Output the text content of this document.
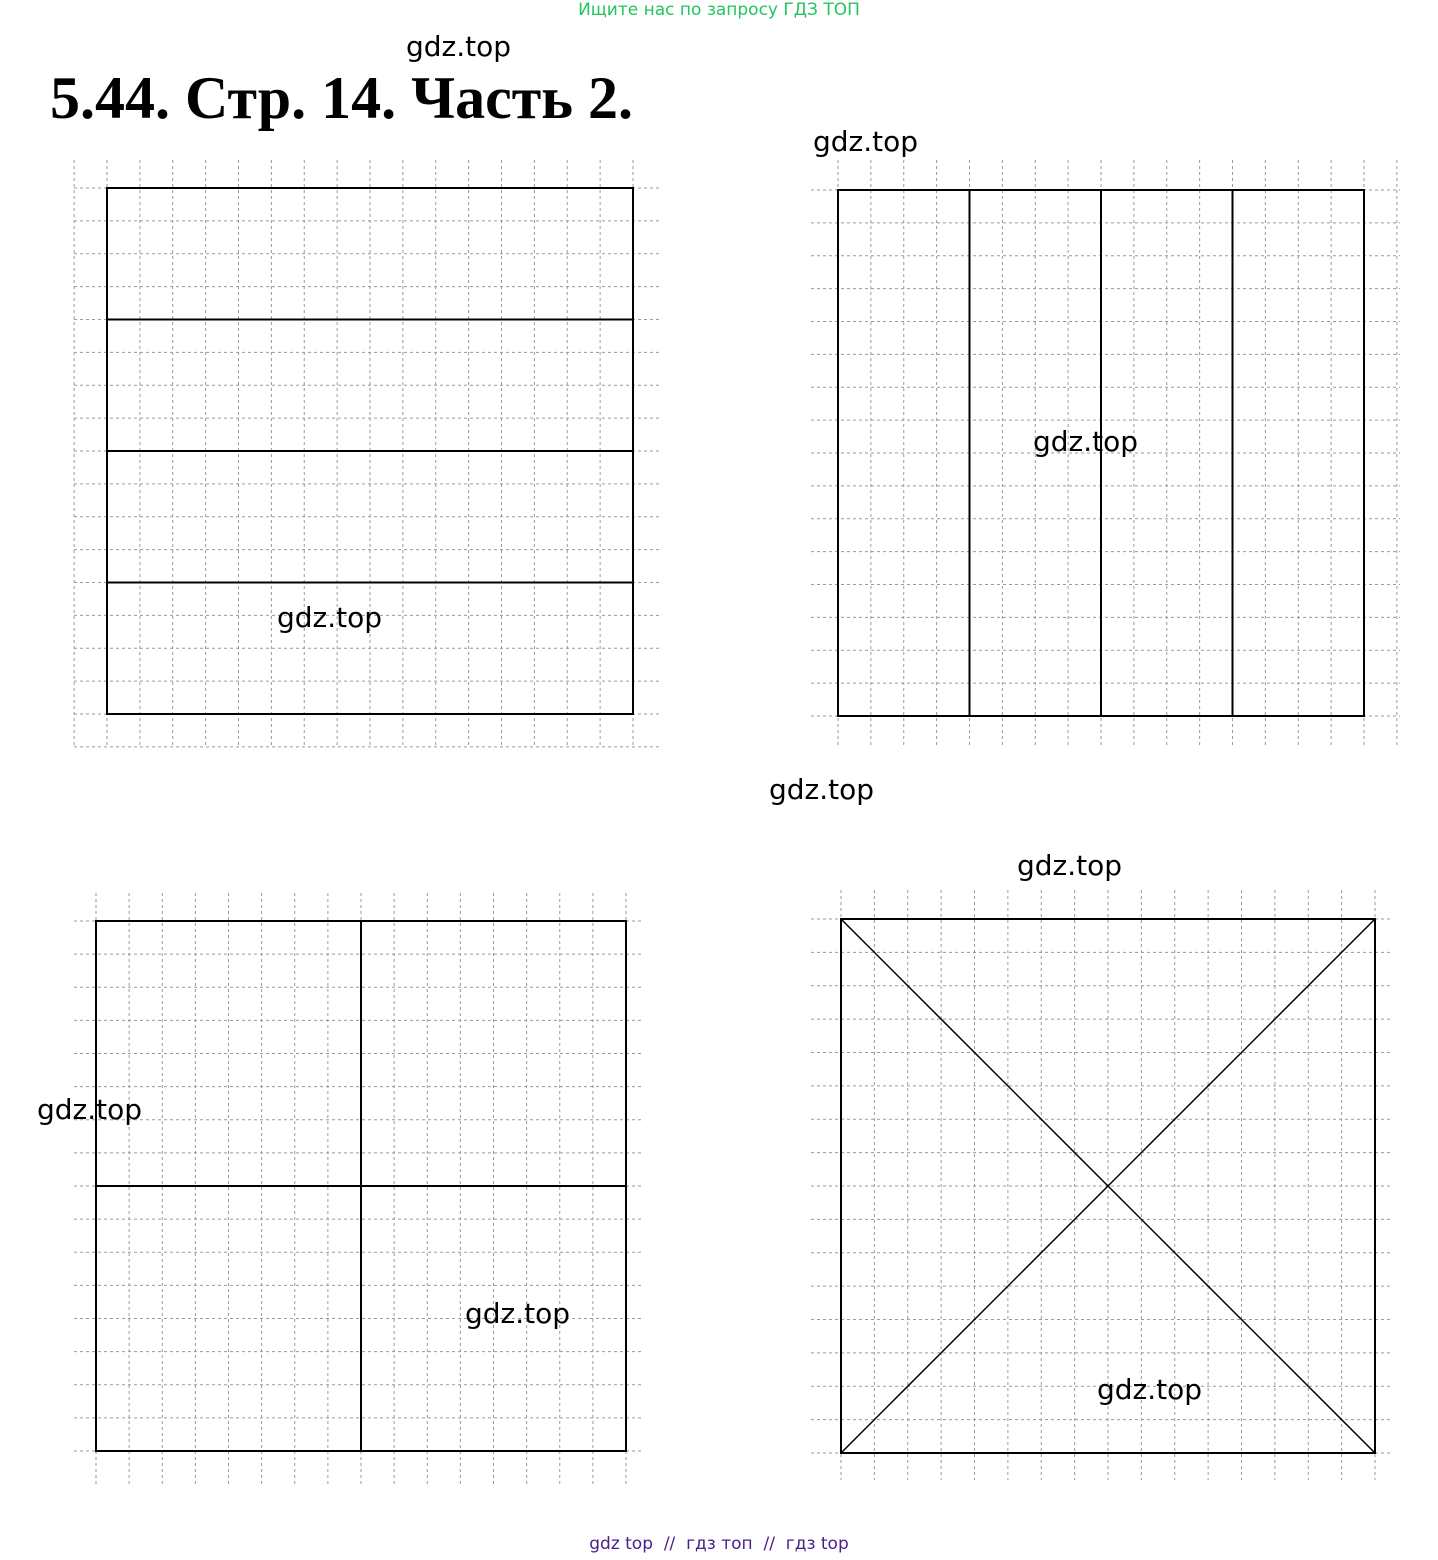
Ищите нас по запросу ГДЗ ТОП
5.44. Стр. 14. Часть 2.
gdz.top
gdz.top
gdz.top
gdz.top
gdz.top
gdz.top
gdz.top
gdz.top
gdz.top
gdz top // гдз топ // гдз top
